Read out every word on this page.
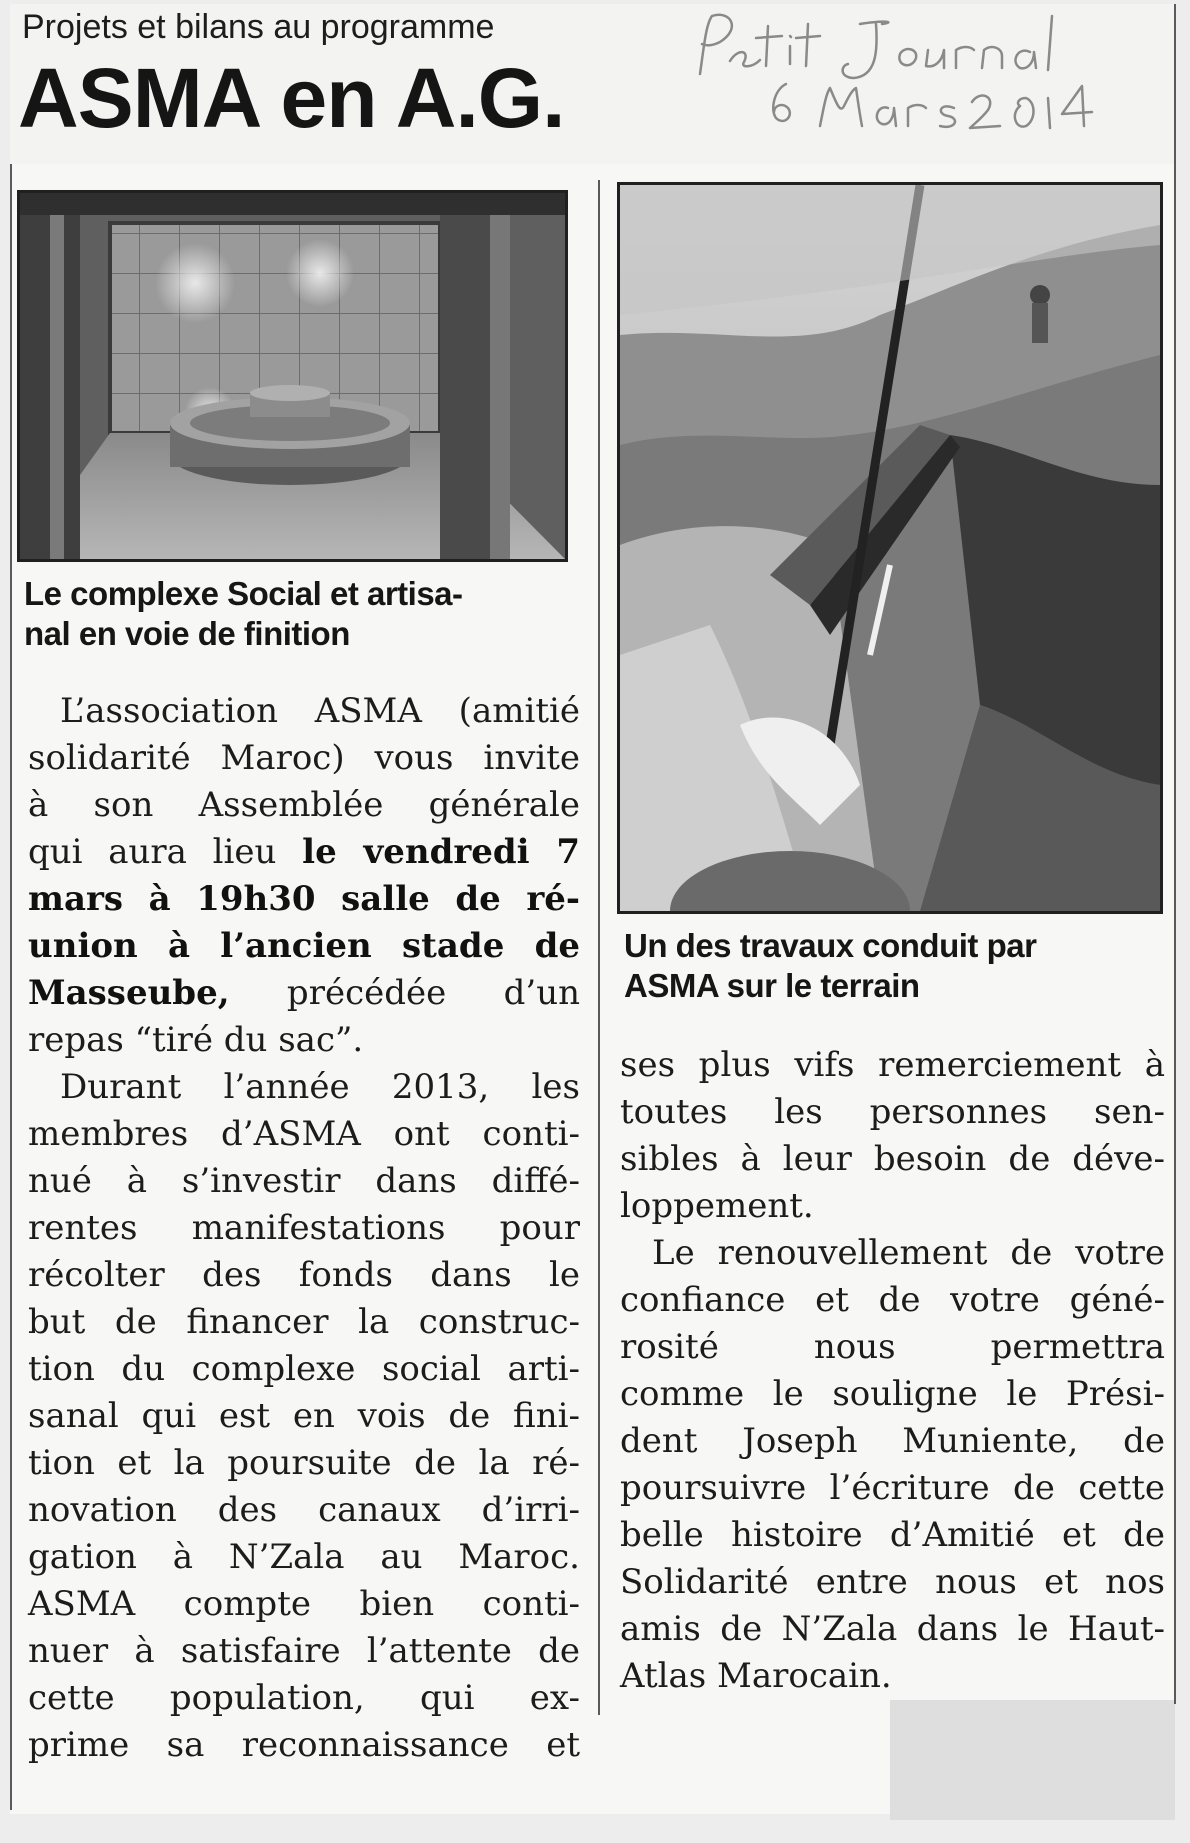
Projets et bilans au programme

ASMA en A.G.
Petit Journal 6 Mars 2014

Le complexe Social et artisa-
nal en voie de finition

Un des travaux conduit par
ASMA sur le terrain

L’association ASMA (amitié
solidarité Maroc) vous invite
à son Assemblée générale
qui aura lieu le vendredi 7
mars à 19h30 salle de ré-
union à l’ancien stade de
Masseube, précédée d’un
repas “tiré du sac”.
Durant l’année 2013, les
membres d’ASMA ont conti-
nué à s’investir dans diffé-
rentes manifestations pour
récolter des fonds dans le
but de financer la construc-
tion du complexe social arti-
sanal qui est en vois de fini-
tion et la poursuite de la ré-
novation des canaux d’irri-
gation à N’Zala au Maroc.
ASMA compte bien conti-
nuer à satisfaire l’attente de
cette population, qui ex-
prime sa reconnaissance et
ses plus vifs remerciement à
toutes les personnes sen-
sibles à leur besoin de déve-
loppement.
Le renouvellement de votre
confiance et de votre géné-
rosité nous permettra
comme le souligne le Prési-
dent Joseph Muniente, de
poursuivre l’écriture de cette
belle histoire d’Amitié et de
Solidarité entre nous et nos
amis de N’Zala dans le Haut-
Atlas Marocain.
